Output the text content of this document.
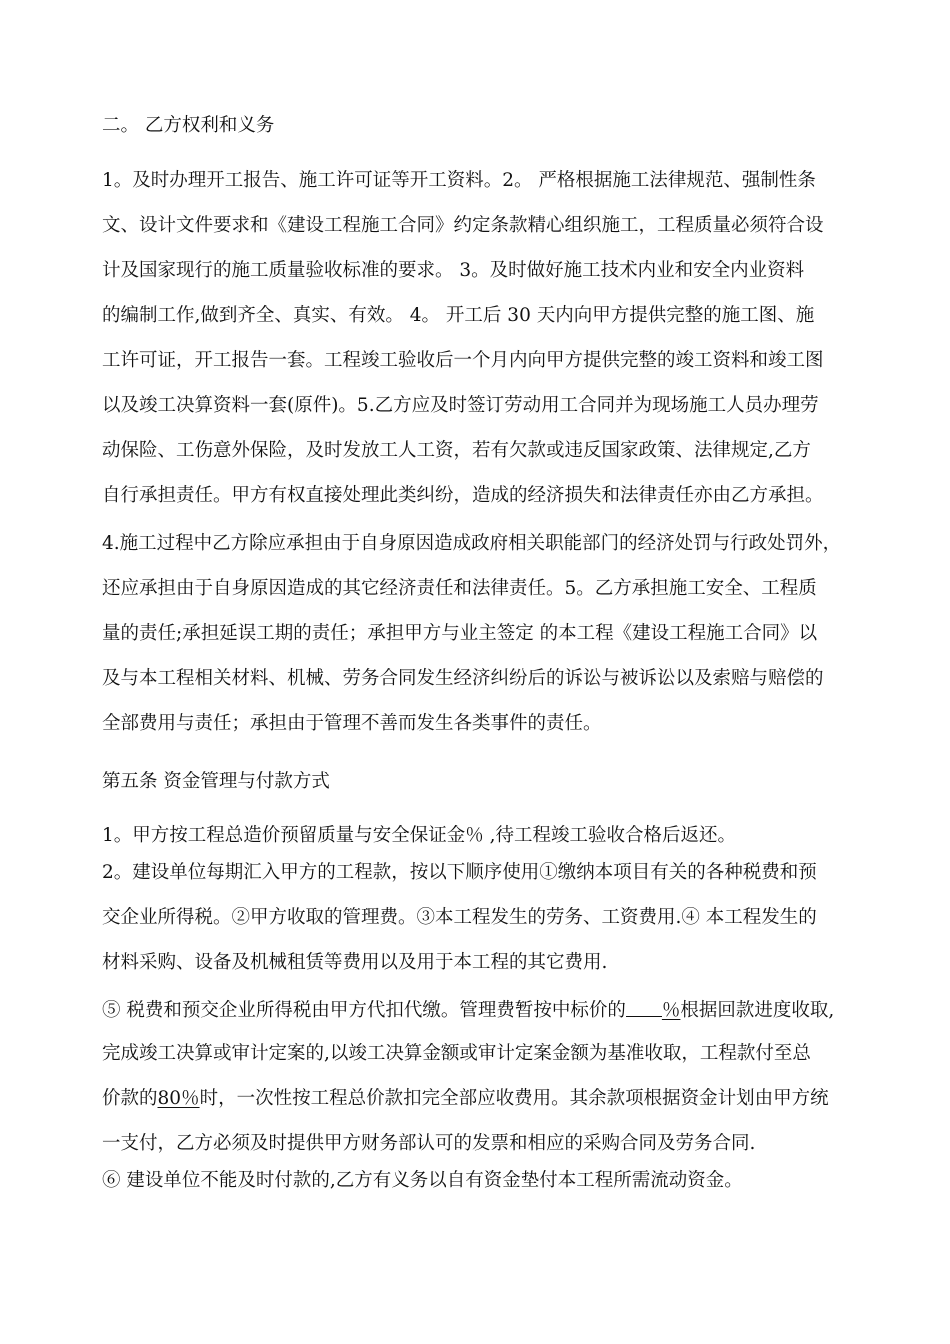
二。 乙方权利和义务
1。及时办理开工报告、施工许可证等开工资料。2。 严格根据施工法律规范、强制性条
文、设计文件要求和《建设工程施工合同》约定条款精心组织施工，工程质量必须符合设
计及国家现行的施工质量验收标准的要求。 3。及时做好施工技术内业和安全内业资料
的编制工作,做到齐全、真实、有效。 4。 开工后 30 天内向甲方提供完整的施工图、施
工许可证，开工报告一套。工程竣工验收后一个月内向甲方提供完整的竣工资料和竣工图
以及竣工决算资料一套(原件)。5.乙方应及时签订劳动用工合同并为现场施工人员办理劳
动保险、工伤意外保险，及时发放工人工资，若有欠款或违反国家政策、法律规定,乙方
自行承担责任。甲方有权直接处理此类纠纷，造成的经济损失和法律责任亦由乙方承担。
4.施工过程中乙方除应承担由于自身原因造成政府相关职能部门的经济处罚与行政处罚外，
还应承担由于自身原因造成的其它经济责任和法律责任。5。乙方承担施工安全、工程质
量的责任;承担延误工期的责任；承担甲方与业主签定 的本工程《建设工程施工合同》以
及与本工程相关材料、机械、劳务合同发生经济纠纷后的诉讼与被诉讼以及索赔与赔偿的
全部费用与责任；承担由于管理不善而发生各类事件的责任。
第五条 资金管理与付款方式
1。甲方按工程总造价预留质量与安全保证金％ ,待工程竣工验收合格后返还。
2。建设单位每期汇入甲方的工程款，按以下顺序使用①缴纳本项目有关的各种税费和预
交企业所得税。②甲方收取的管理费。③本工程发生的劳务、工资费用.④ 本工程发生的
材料采购、设备及机械租赁等费用以及用于本工程的其它费用.
⑤ 税费和预交企业所得税由甲方代扣代缴。管理费暂按中标价的 ％根据回款进度收取,
完成竣工决算或审计定案的,以竣工决算金额或审计定案金额为基准收取，工程款付至总
价款的80％时，一次性按工程总价款扣完全部应收费用。其余款项根据资金计划由甲方统
一支付，乙方必须及时提供甲方财务部认可的发票和相应的采购合同及劳务合同.
⑥ 建设单位不能及时付款的,乙方有义务以自有资金垫付本工程所需流动资金。
